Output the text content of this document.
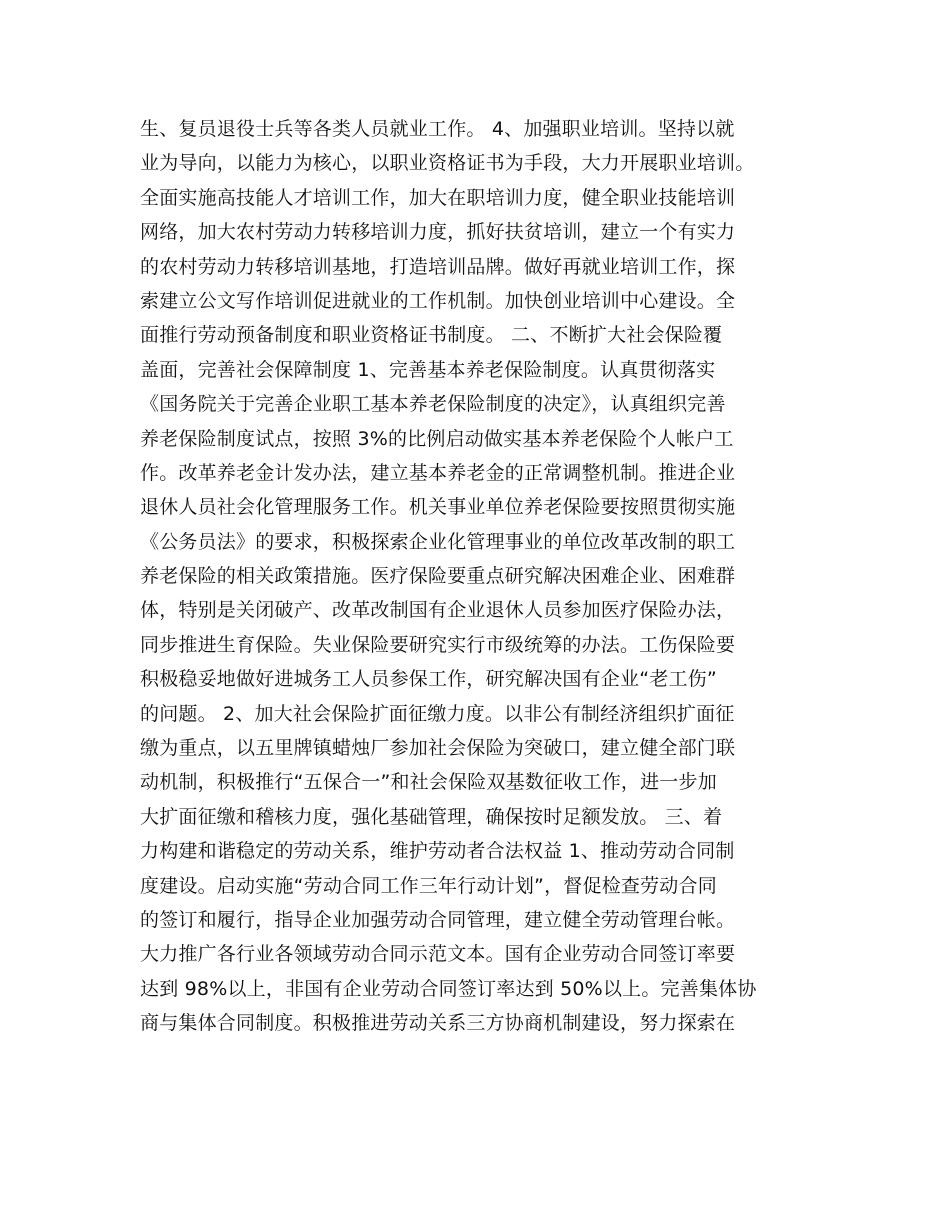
生、复员退役士兵等各类人员就业工作。 4、加强职业培训。坚持以就
业为导向，以能力为核心，以职业资格证书为手段，大力开展职业培训。
全面实施高技能人才培训工作，加大在职培训力度，健全职业技能培训
网络，加大农村劳动力转移培训力度，抓好扶贫培训，建立一个有实力
的农村劳动力转移培训基地，打造培训品牌。做好再就业培训工作，探
索建立公文写作培训促进就业的工作机制。加快创业培训中心建设。全
面推行劳动预备制度和职业资格证书制度。 二、不断扩大社会保险覆
盖面，完善社会保障制度 1、完善基本养老保险制度。认真贯彻落实
《国务院关于完善企业职工基本养老保险制度的决定》，认真组织完善
养老保险制度试点，按照 3%的比例启动做实基本养老保险个人帐户工
作。改革养老金计发办法，建立基本养老金的正常调整机制。推进企业
退休人员社会化管理服务工作。机关事业单位养老保险要按照贯彻实施
《公务员法》的要求，积极探索企业化管理事业的单位改革改制的职工
养老保险的相关政策措施。医疗保险要重点研究解决困难企业、困难群
体，特别是关闭破产、改革改制国有企业退休人员参加医疗保险办法，
同步推进生育保险。失业保险要研究实行市级统筹的办法。工伤保险要
积极稳妥地做好进城务工人员参保工作，研究解决国有企业“老工伤”
的问题。 2、加大社会保险扩面征缴力度。以非公有制经济组织扩面征
缴为重点，以五里牌镇蜡烛厂参加社会保险为突破口，建立健全部门联
动机制，积极推行“五保合一”和社会保险双基数征收工作，进一步加
大扩面征缴和稽核力度，强化基础管理，确保按时足额发放。 三、着
力构建和谐稳定的劳动关系，维护劳动者合法权益 1、推动劳动合同制
度建设。启动实施“劳动合同工作三年行动计划”，督促检查劳动合同
的签订和履行，指导企业加强劳动合同管理，建立健全劳动管理台帐。
大力推广各行业各领域劳动合同示范文本。国有企业劳动合同签订率要
达到 98%以上，非国有企业劳动合同签订率达到 50%以上。完善集体协
商与集体合同制度。积极推进劳动关系三方协商机制建设，努力探索在
